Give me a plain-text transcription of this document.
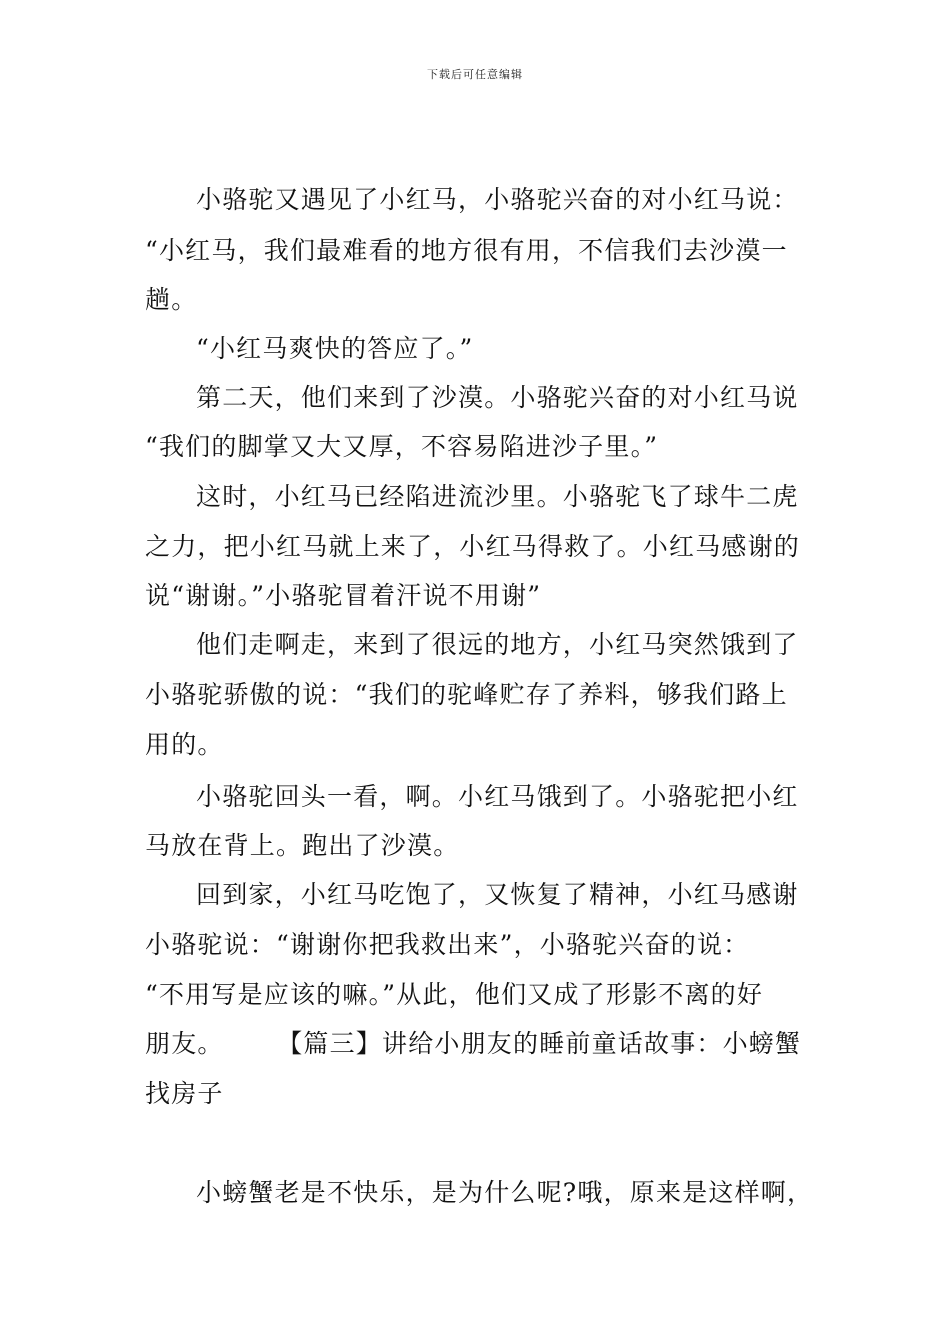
下载后可任意编辑
小骆驼又遇见了小红马，小骆驼兴奋的对小红马说：
“小红马，我们最难看的地方很有用，不信我们去沙漠一
趟。
“小红马爽快的答应了。”
第二天，他们来到了沙漠。小骆驼兴奋的对小红马说
“我们的脚掌又大又厚，不容易陷进沙子里。”
这时，小红马已经陷进流沙里。小骆驼飞了球牛二虎
之力，把小红马就上来了，小红马得救了。小红马感谢的
说“谢谢。”小骆驼冒着汗说不用谢”
他们走啊走，来到了很远的地方，小红马突然饿到了
小骆驼骄傲的说：“我们的驼峰贮存了养料，够我们路上
用的。
小骆驼回头一看，啊。小红马饿到了。小骆驼把小红
马放在背上。跑出了沙漠。
回到家，小红马吃饱了，又恢复了精神，小红马感谢
小骆驼说：“谢谢你把我救出来”，小骆驼兴奋的说：
“不用写是应该的嘛。”从此，他们又成了形影不离的好
朋友。　　　【篇三】讲给小朋友的睡前童话故事：小螃蟹
找房子
小螃蟹老是不快乐，是为什么呢?哦，原来是这样啊，
